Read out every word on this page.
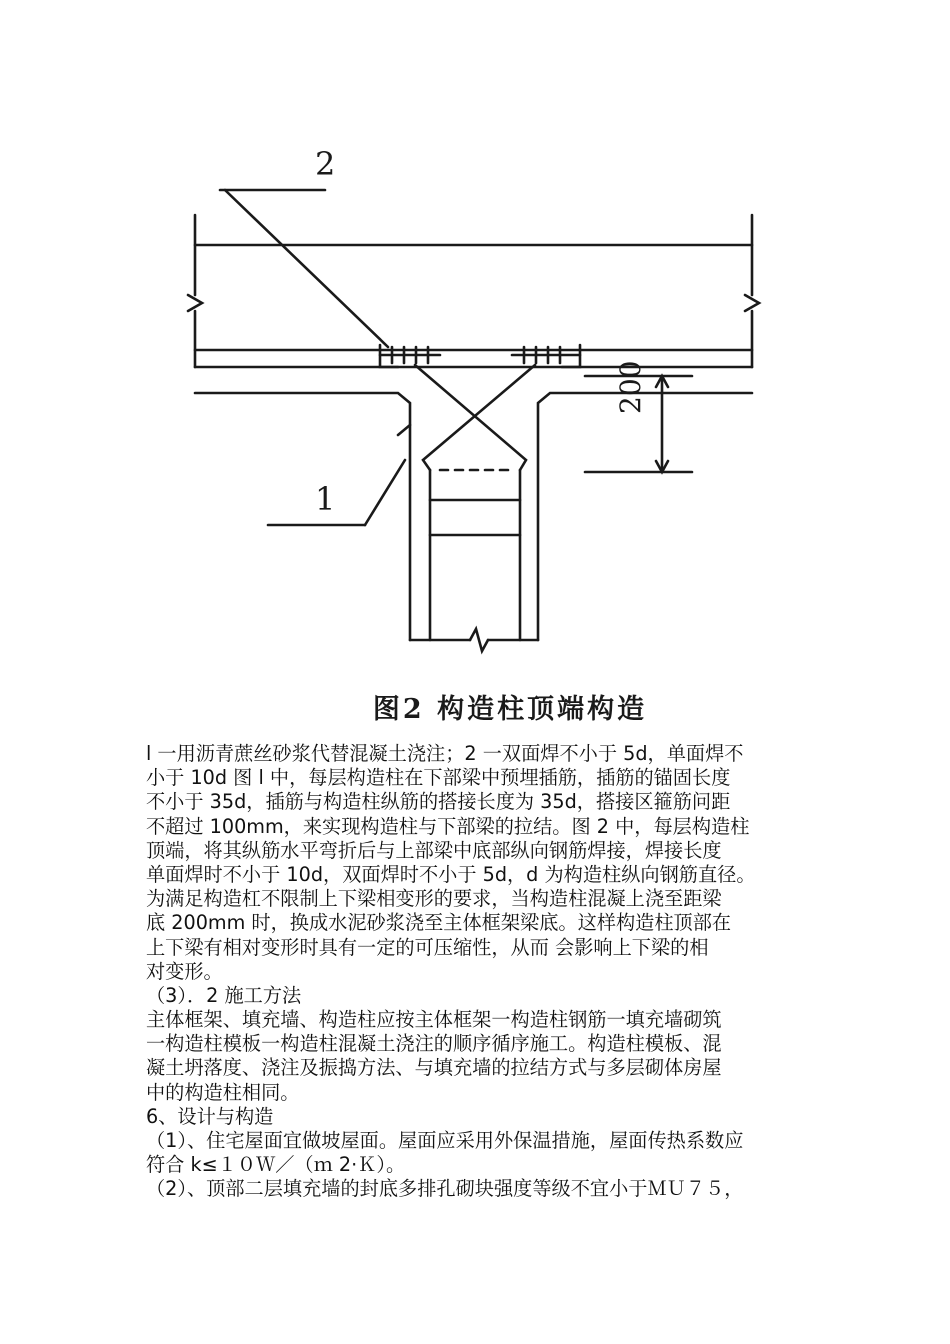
2
1
200
图2 构造柱顶端构造
l 一用沥青蔗丝砂浆代替混凝土浇注；2 一双面焊不小于 5d，单面焊不
小于 10d 图 l 中，每层构造柱在下部梁中预埋插筋，插筋的锚固长度
不小于 35d，插筋与构造柱纵筋的搭接长度为 35d，搭接区箍筋问距
不超过 100mm，来实现构造柱与下部梁的拉结。图 2 中，每层构造柱
顶端，将其纵筋水平弯折后与上部梁中底部纵向钢筋焊接，焊接长度
单面焊时不小于 10d，双面焊时不小于 5d，d 为构造柱纵向钢筋直径。
为满足构造杠不限制上下梁相变形的要求，当构造柱混凝上浇至距梁
底 200mm 时，换成水泥砂浆浇至主体框架梁底。这样构造柱顶部在
上下梁有相对变形时具有一定的可压缩性，从而 会影响上下梁的相
对变形。
（3）．2 施工方法
主体框架、填充墙、构造柱应按主体框架一构造柱钢筋一填充墙砌筑
一构造柱模板一构造柱混凝土浇注的顺序循序施工。构造柱模板、混
凝土坍落度、浇注及振捣方法、与填充墙的拉结方式与多层砌体房屋
中的构造柱相同。
6、设计与构造
（1）、住宅屋面宜做坡屋面。屋面应采用外保温措施，屋面传热系数应
符合 k≤１０Ｗ／（ｍ 2·Ｋ）。
（2）、顶部二层填充墙的封底多排孔砌块强度等级不宜小于ＭＵ７５，
